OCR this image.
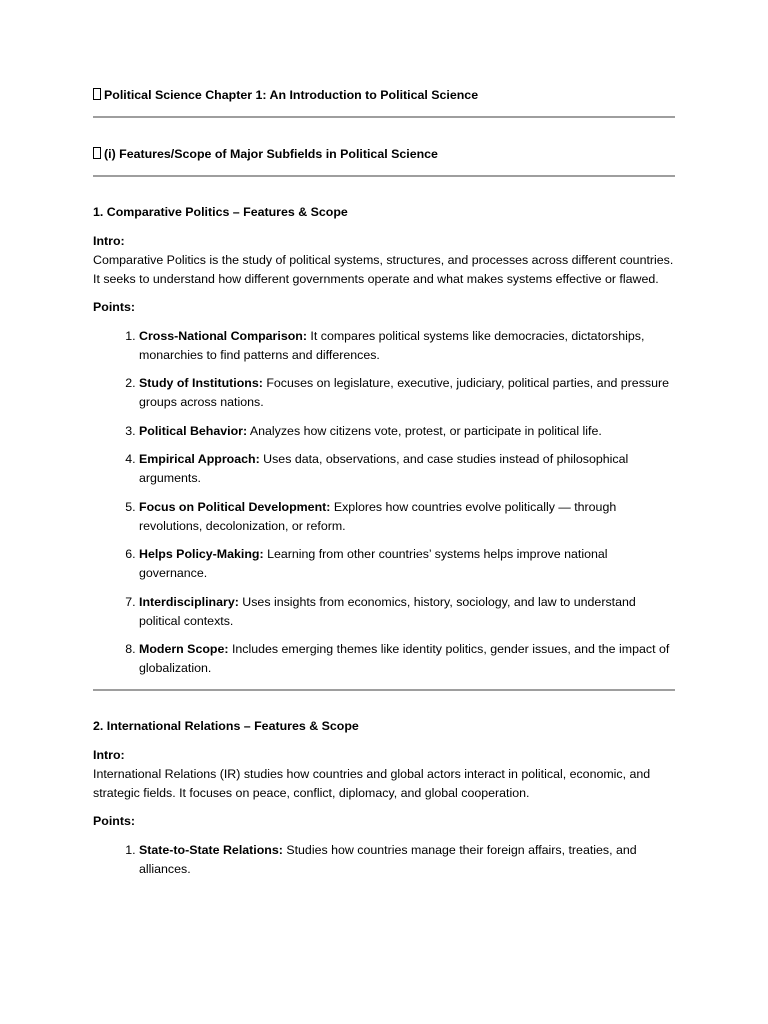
Political Science Chapter 1: An Introduction to Political Science

(i) Features/Scope of Major Subfields in Political Science

1. Comparative Politics – Features & Scope

Intro:

Comparative Politics is the study of political systems, structures, and processes across different countries. It seeks to understand how different governments operate and what makes systems effective or flawed.

Points:

1. Cross-National Comparison: It compares political systems like democracies, dictatorships, monarchies to find patterns and differences.
2. Study of Institutions: Focuses on legislature, executive, judiciary, political parties, and pressure groups across nations.
3. Political Behavior: Analyzes how citizens vote, protest, or participate in political life.
4. Empirical Approach: Uses data, observations, and case studies instead of philosophical arguments.
5. Focus on Political Development: Explores how countries evolve politically — through revolutions, decolonization, or reform.
6. Helps Policy-Making: Learning from other countries’ systems helps improve national governance.
7. Interdisciplinary: Uses insights from economics, history, sociology, and law to understand political contexts.
8. Modern Scope: Includes emerging themes like identity politics, gender issues, and the impact of globalization.

2. International Relations – Features & Scope

Intro:

International Relations (IR) studies how countries and global actors interact in political, economic, and strategic fields. It focuses on peace, conflict, diplomacy, and global cooperation.

Points:

1. State-to-State Relations: Studies how countries manage their foreign affairs, treaties, and alliances.
